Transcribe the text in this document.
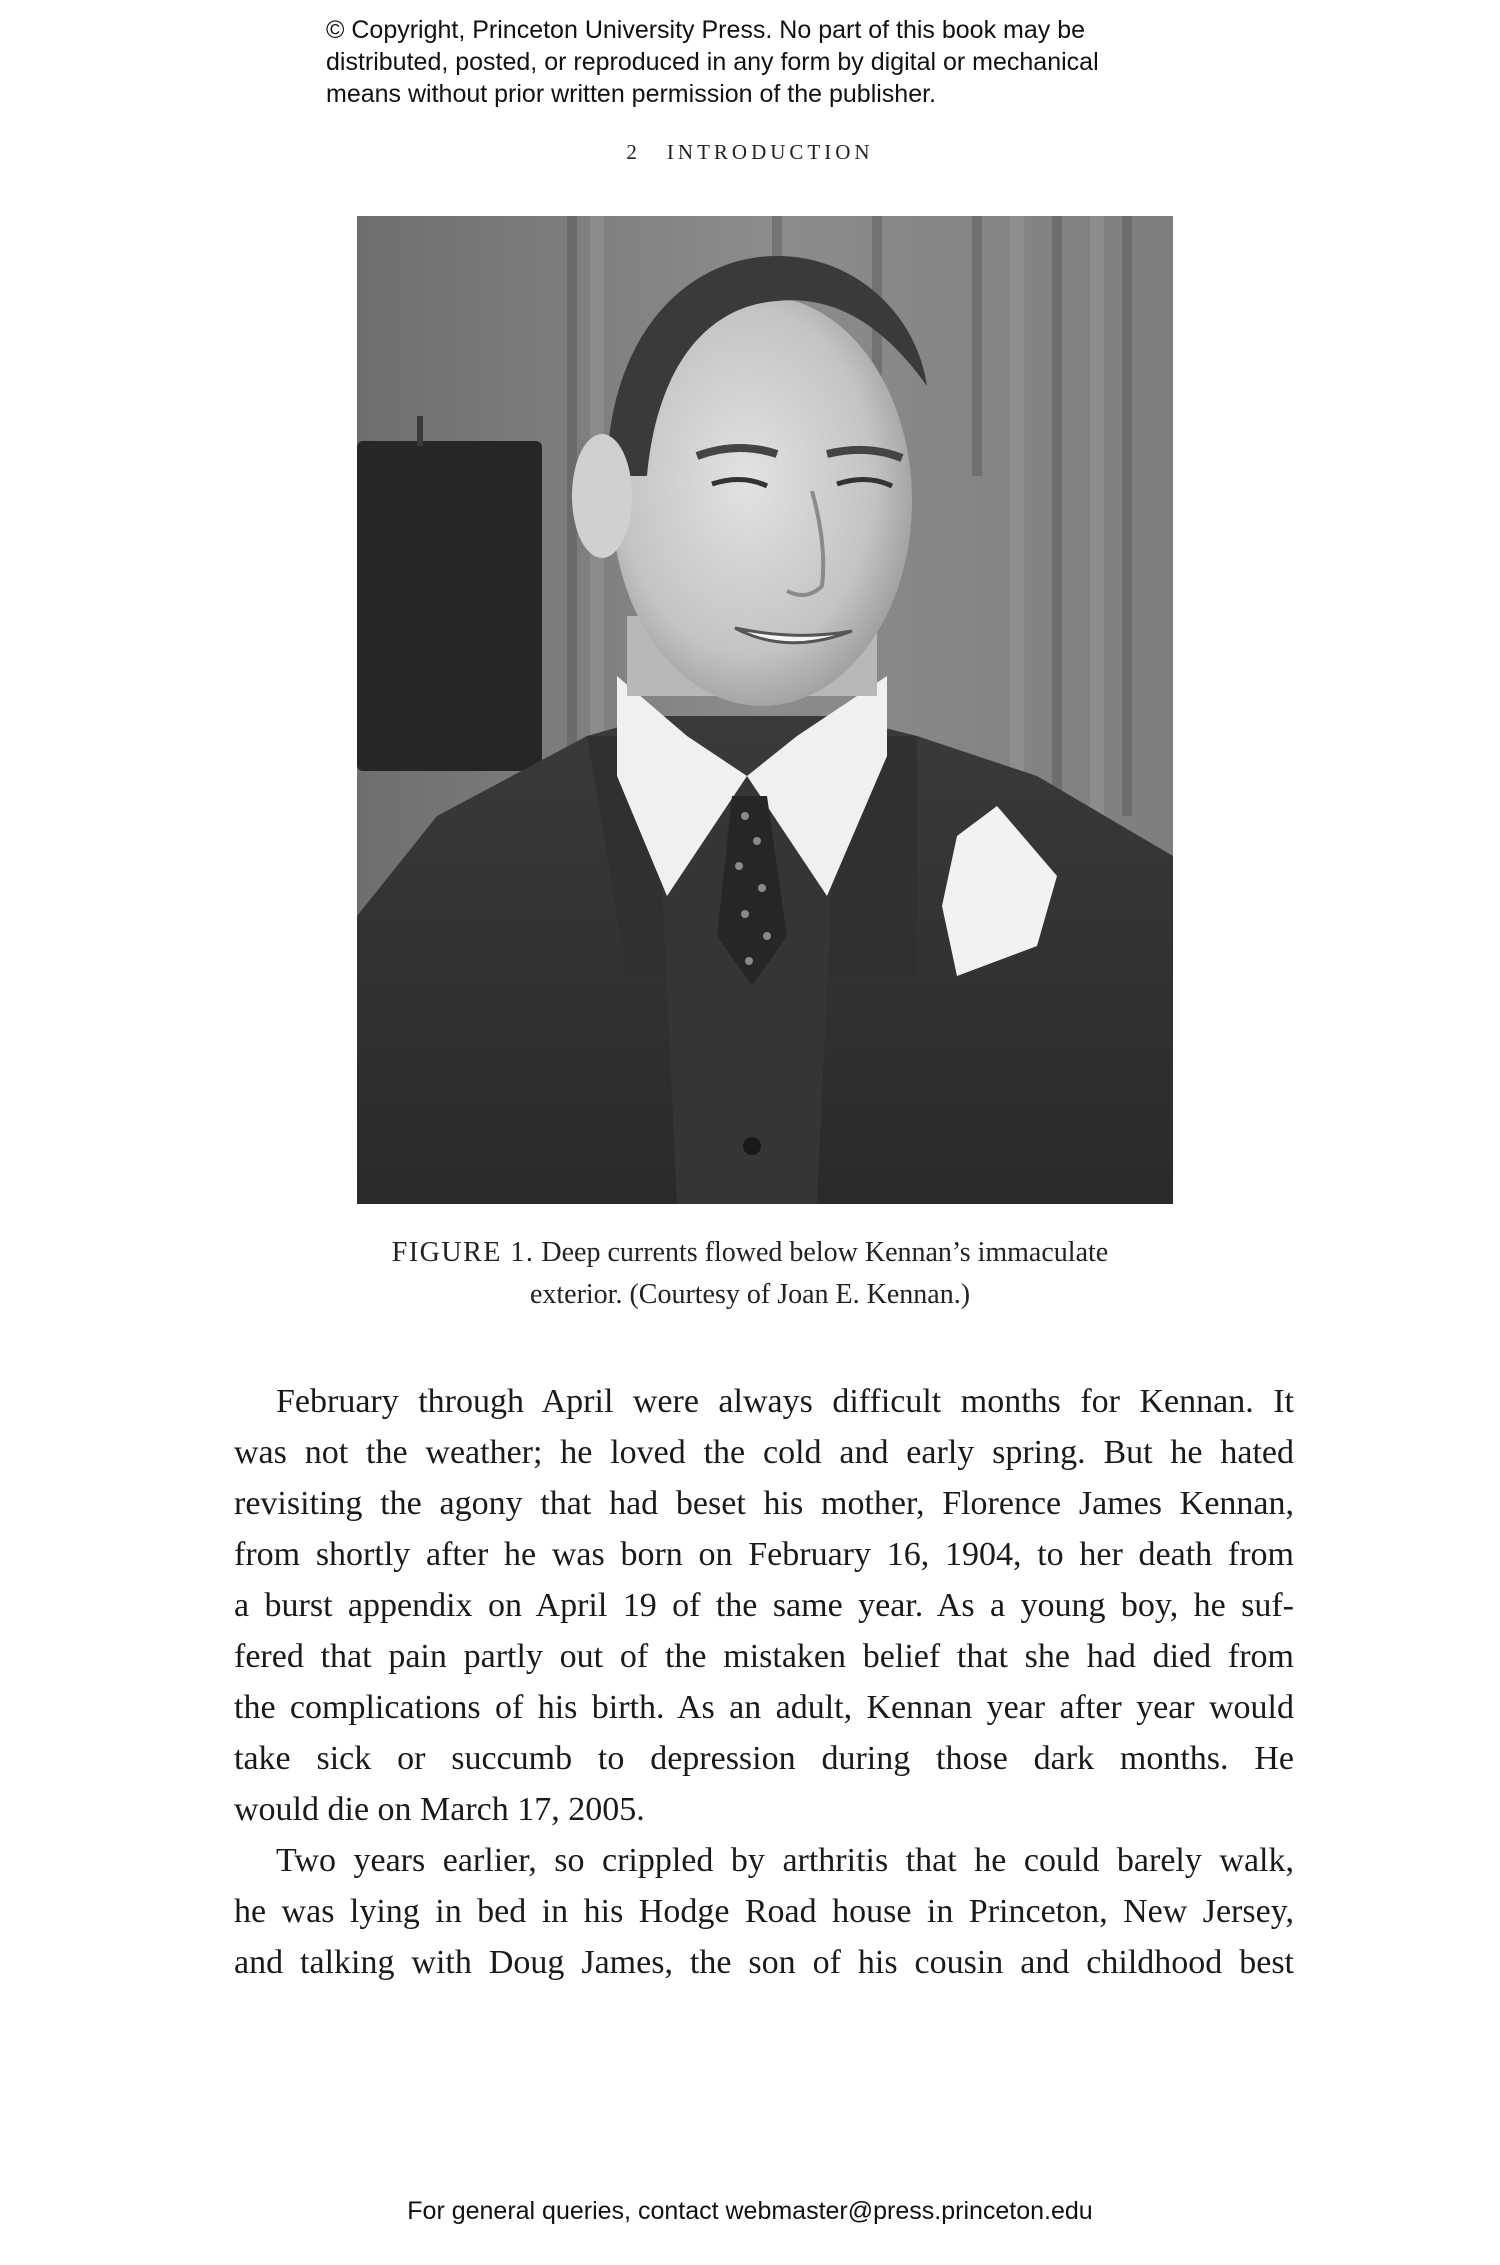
© Copyright, Princeton University Press. No part of this book may be
distributed, posted, or reproduced in any form by digital or mechanical
means without prior written permission of the publisher.
2 INTRODUCTION
FIGURE 1. Deep currents flowed below Kennan’s immaculate
exterior. (Courtesy of Joan E. Kennan.)
February through April were always difficult months for Kennan. It
was not the weather; he loved the cold and early spring. But he hated
revisiting the agony that had beset his mother, Florence James Kennan,
from shortly after he was born on February 16, 1904, to her death from
a burst appendix on April 19 of the same year. As a young boy, he suf-
fered that pain partly out of the mistaken belief that she had died from
the complications of his birth. As an adult, Kennan year after year would
take sick or succumb to depression during those dark months. He
would die on March 17, 2005.
Two years earlier, so crippled by arthritis that he could barely walk,
he was lying in bed in his Hodge Road house in Princeton, New Jersey,
and talking with Doug James, the son of his cousin and childhood best
For general queries, contact webmaster@press.princeton.edu
